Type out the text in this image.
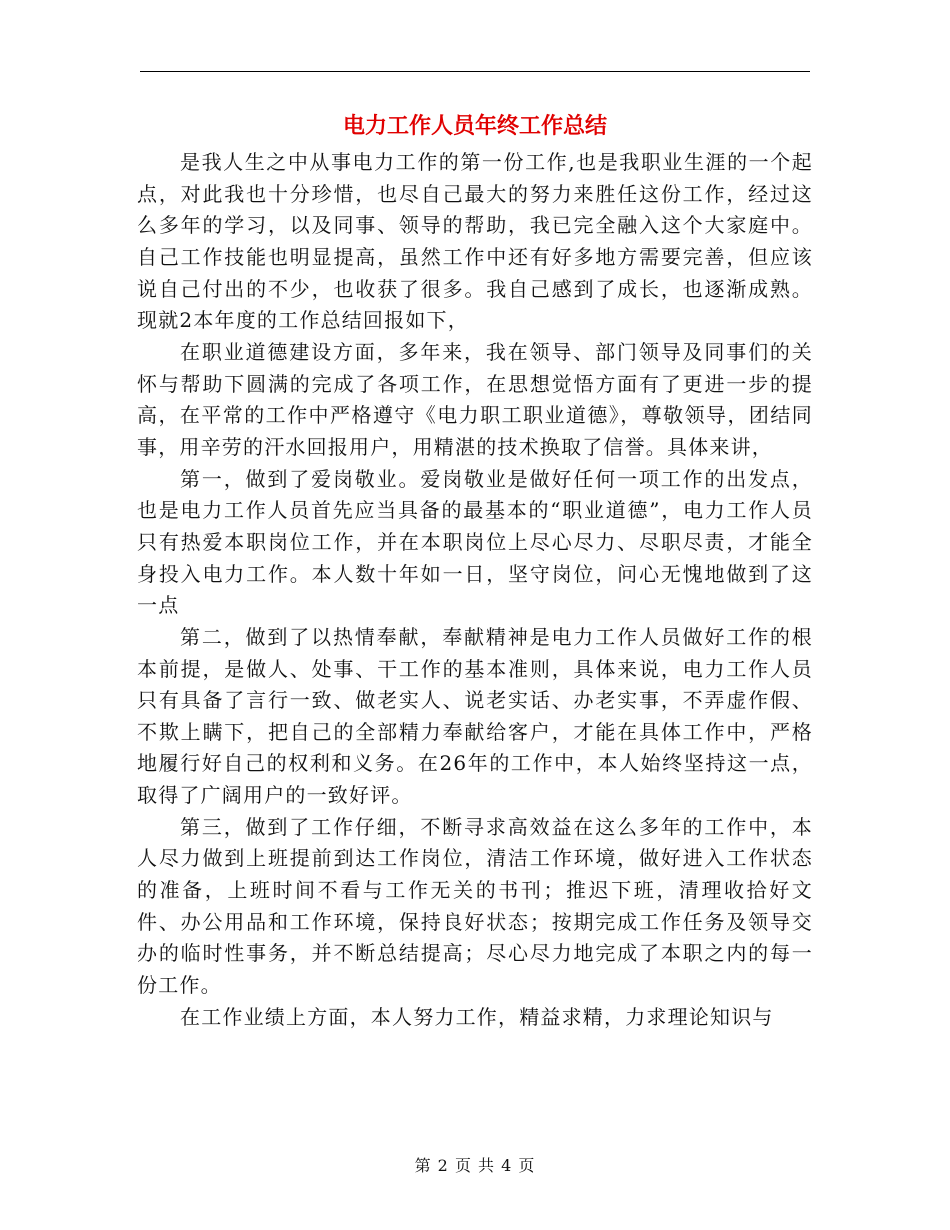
电力工作人员年终工作总结

是我人生之中从事电力工作的第一份工作,也是我职业生涯的一个起点，对此我也十分珍惜，也尽自己最大的努力来胜任这份工作，经过这么多年的学习，以及同事、领导的帮助，我已完全融入这个大家庭中。自己工作技能也明显提高，虽然工作中还有好多地方需要完善，但应该说自己付出的不少，也收获了很多。我自己感到了成长，也逐渐成熟。现就2本年度的工作总结回报如下，

在职业道德建设方面，多年来，我在领导、部门领导及同事们的关怀与帮助下圆满的完成了各项工作，在思想觉悟方面有了更进一步的提高，在平常的工作中严格遵守《电力职工职业道德》，尊敬领导，团结同事，用辛劳的汗水回报用户，用精湛的技术换取了信誉。具体来讲，

第一，做到了爱岗敬业。爱岗敬业是做好任何一项工作的出发点，也是电力工作人员首先应当具备的最基本的“职业道德”，电力工作人员只有热爱本职岗位工作，并在本职岗位上尽心尽力、尽职尽责，才能全身投入电力工作。本人数十年如一日，坚守岗位，问心无愧地做到了这一点

第二，做到了以热情奉献，奉献精神是电力工作人员做好工作的根本前提，是做人、处事、干工作的基本准则，具体来说，电力工作人员只有具备了言行一致、做老实人、说老实话、办老实事，不弄虚作假、不欺上瞒下，把自己的全部精力奉献给客户，才能在具体工作中，严格地履行好自己的权利和义务。在26年的工作中，本人始终坚持这一点，取得了广阔用户的一致好评。

第三，做到了工作仔细，不断寻求高效益在这么多年的工作中，本人尽力做到上班提前到达工作岗位，清洁工作环境，做好进入工作状态的准备，上班时间不看与工作无关的书刊；推迟下班，清理收拾好文件、办公用品和工作环境，保持良好状态；按期完成工作任务及领导交办的临时性事务，并不断总结提高；尽心尽力地完成了本职之内的每一份工作。

在工作业绩上方面，本人努力工作，精益求精，力求理论知识与

第 2 页 共 4 页
